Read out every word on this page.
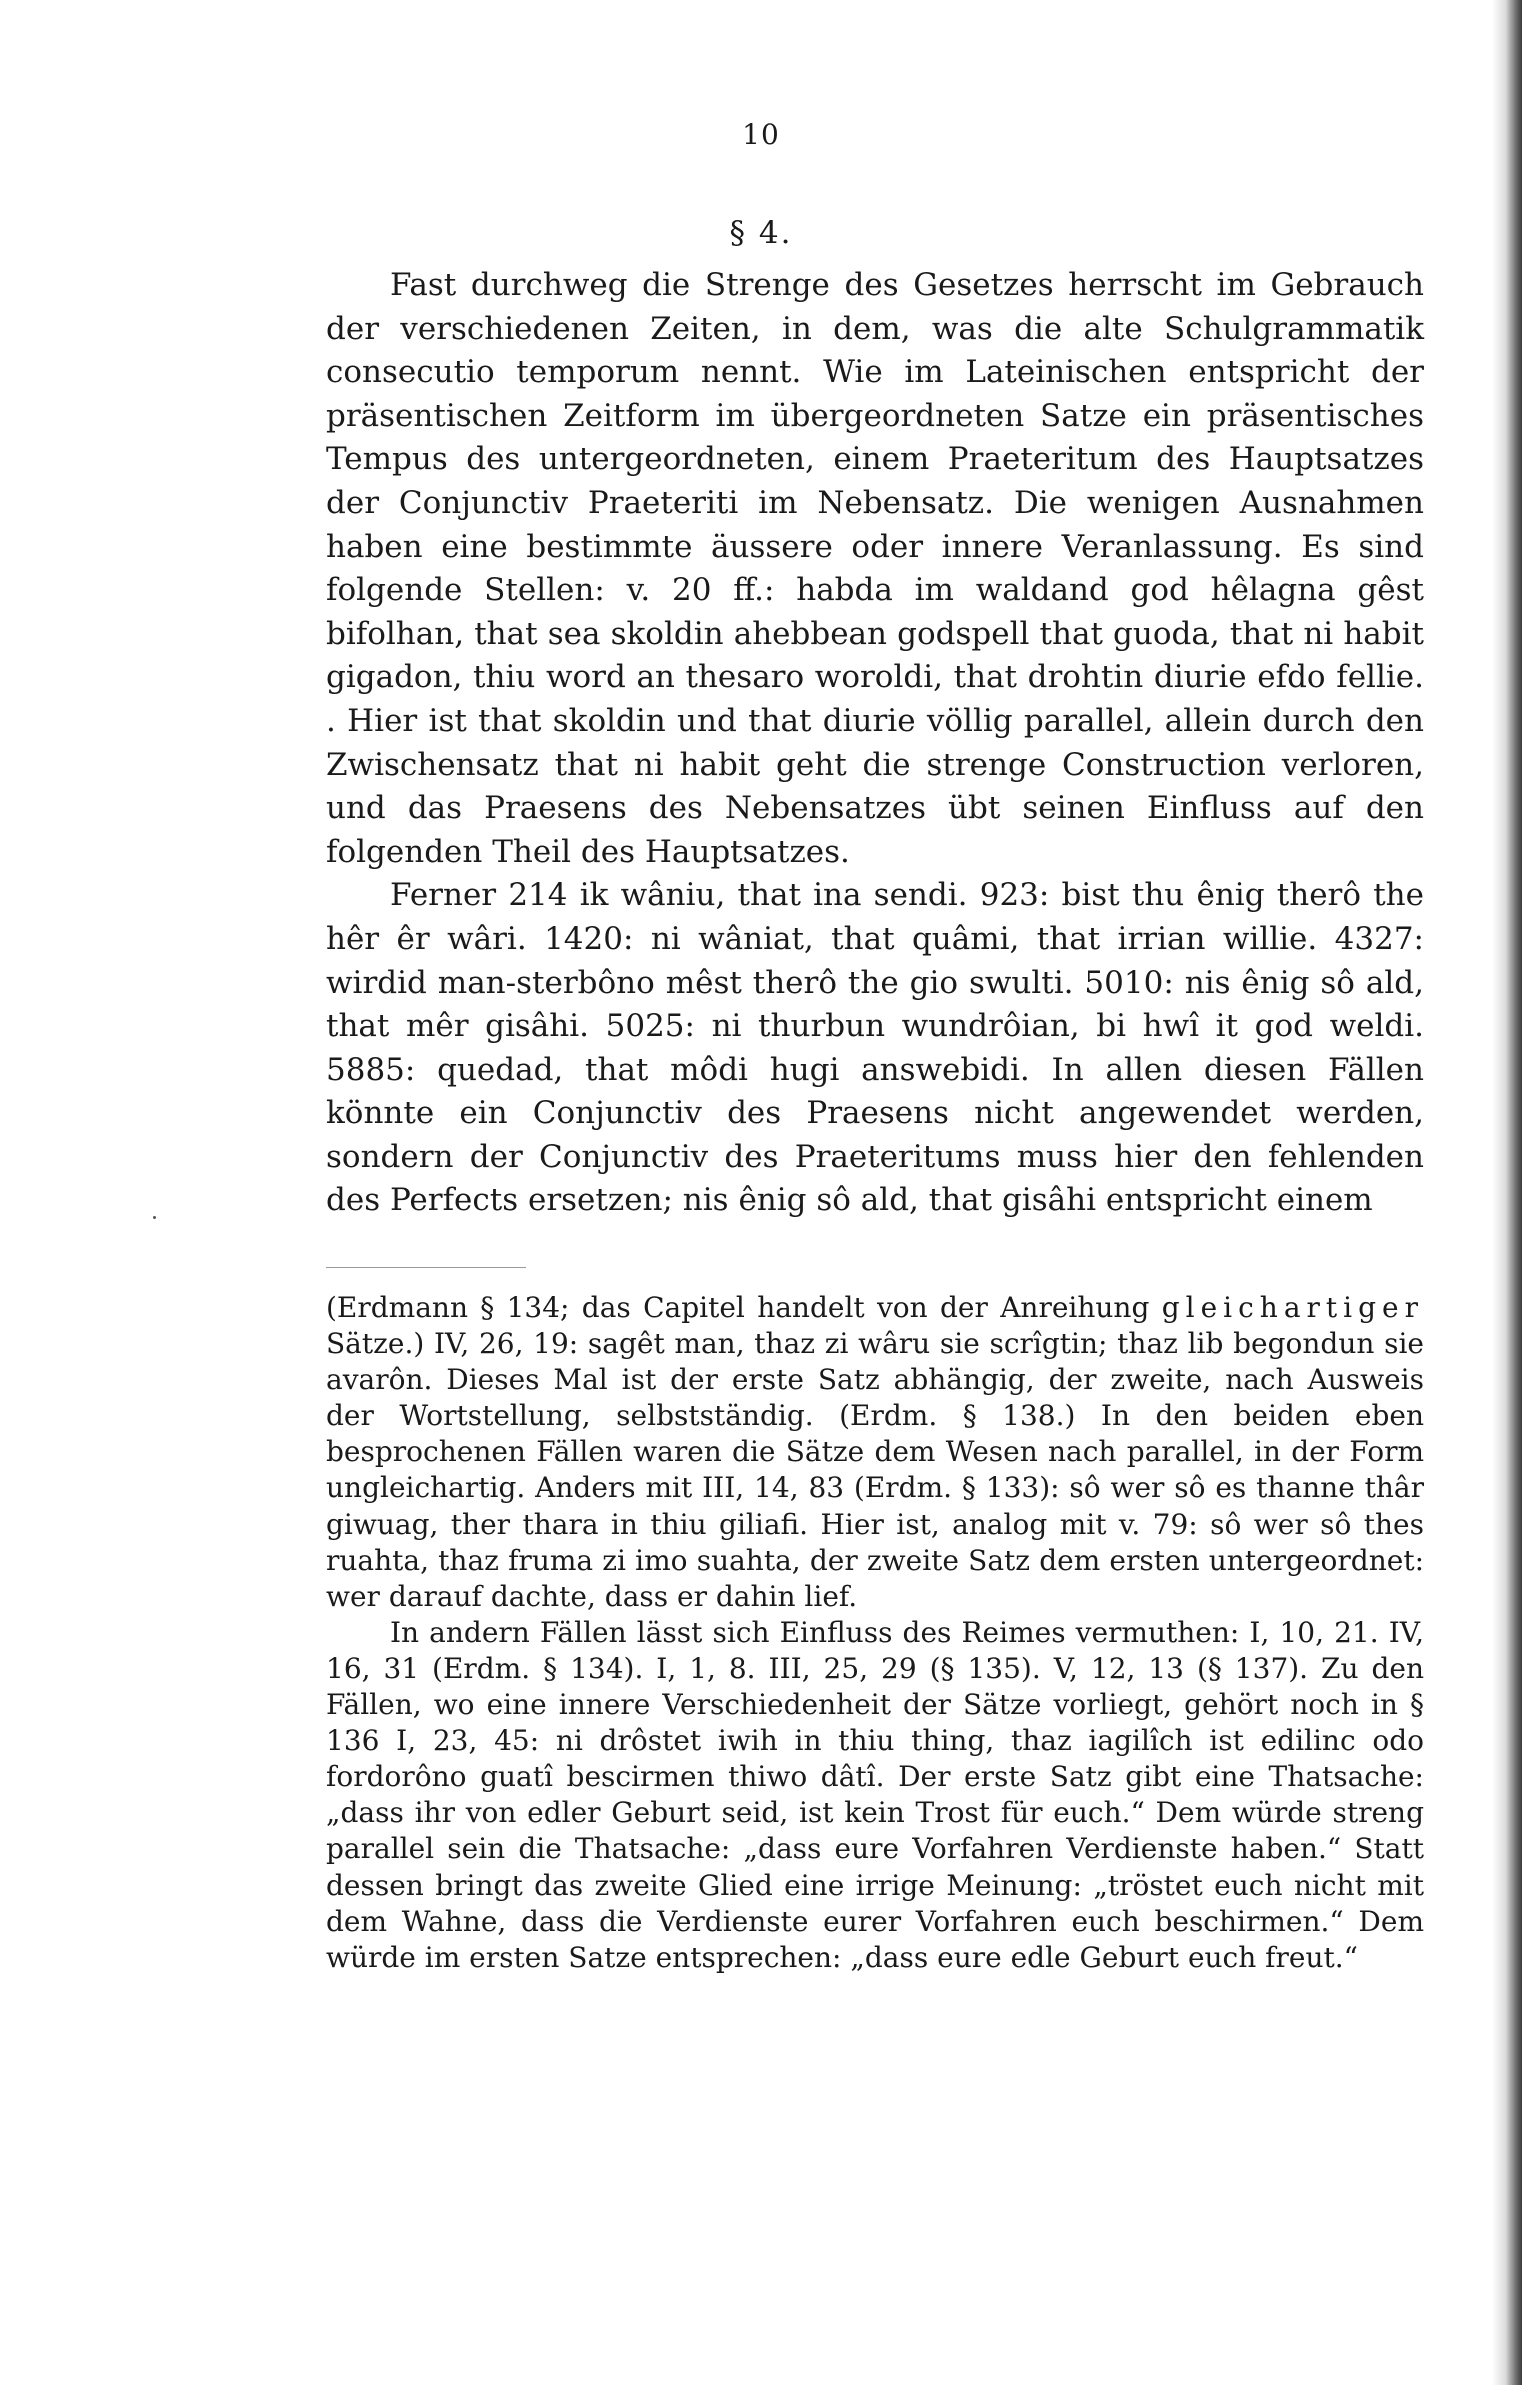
10
§ 4.

Fast durchweg die Strenge des Gesetzes herrscht im Gebrauch der verschiedenen Zeiten, in dem, was die alte Schulgrammatik consecutio temporum nennt. Wie im Lateinischen entspricht der präsentischen Zeitform im übergeordneten Satze ein präsentisches Tempus des untergeordneten, einem Praeteritum des Hauptsatzes der Conjunctiv Praeteriti im Nebensatz. Die wenigen Ausnahmen haben eine bestimmte äussere oder innere Veranlassung. Es sind folgende Stellen: v. 20 ff.: habda im waldand god hêlagna gêst bifolhan, that sea skoldin ahebbean godspell that guoda, that ni habit gigadon, thiu word an thesaro woroldi, that drohtin diurie efdo fellie. . Hier ist that skoldin und that diurie völlig parallel, allein durch den Zwischensatz that ni habit geht die strenge Construction verloren, und das Praesens des Nebensatzes übt seinen Einfluss auf den folgenden Theil des Hauptsatzes.

Ferner 214 ik wâniu, that ina sendi. 923: bist thu ênig therô the hêr êr wâri. 1420: ni wâniat, that quâmi, that irrian willie. 4327: wirdid man-sterbôno mêst therô the gio swulti. 5010: nis ênig sô ald, that mêr gisâhi. 5025: ni thurbun wundrôian, bi hwî it god weldi. 5885: quedad, that môdi hugi answebidi. In allen diesen Fällen könnte ein Conjunctiv des Praesens nicht angewendet werden, sondern der Conjunctiv des Praeteritums muss hier den fehlenden des Perfects ersetzen; nis ênig sô ald, that gisâhi entspricht einem

(Erdmann § 134; das Capitel handelt von der Anreihung gleichartiger Sätze.) IV, 26, 19: sagêt man, thaz zi wâru sie scrîgtin; thaz lib begondun sie avarôn. Dieses Mal ist der erste Satz abhängig, der zweite, nach Ausweis der Wortstellung, selbstständig. (Erdm. § 138.) In den beiden eben besprochenen Fällen waren die Sätze dem Wesen nach parallel, in der Form ungleichartig. Anders mit III, 14, 83 (Erdm. § 133): sô wer sô es thanne thâr giwuag, ther thara in thiu giliafi. Hier ist, analog mit v. 79: sô wer sô thes ruahta, thaz fruma zi imo suahta, der zweite Satz dem ersten untergeordnet: wer darauf dachte, dass er dahin lief.

In andern Fällen lässt sich Einfluss des Reimes vermuthen: I, 10, 21. IV, 16, 31 (Erdm. § 134). I, 1, 8. III, 25, 29 (§ 135). V, 12, 13 (§ 137). Zu den Fällen, wo eine innere Verschiedenheit der Sätze vorliegt, gehört noch in § 136 I, 23, 45: ni drôstet iwih in thiu thing, thaz iagilîch ist edilinc odo fordorôno guatî bescirmen thiwo dâtî. Der erste Satz gibt eine Thatsache: „dass ihr von edler Geburt seid, ist kein Trost für euch.“ Dem würde streng parallel sein die Thatsache: „dass eure Vorfahren Verdienste haben.“ Statt dessen bringt das zweite Glied eine irrige Meinung: „tröstet euch nicht mit dem Wahne, dass die Verdienste eurer Vorfahren euch beschirmen.“ Dem würde im ersten Satze entsprechen: „dass eure edle Geburt euch freut.“
